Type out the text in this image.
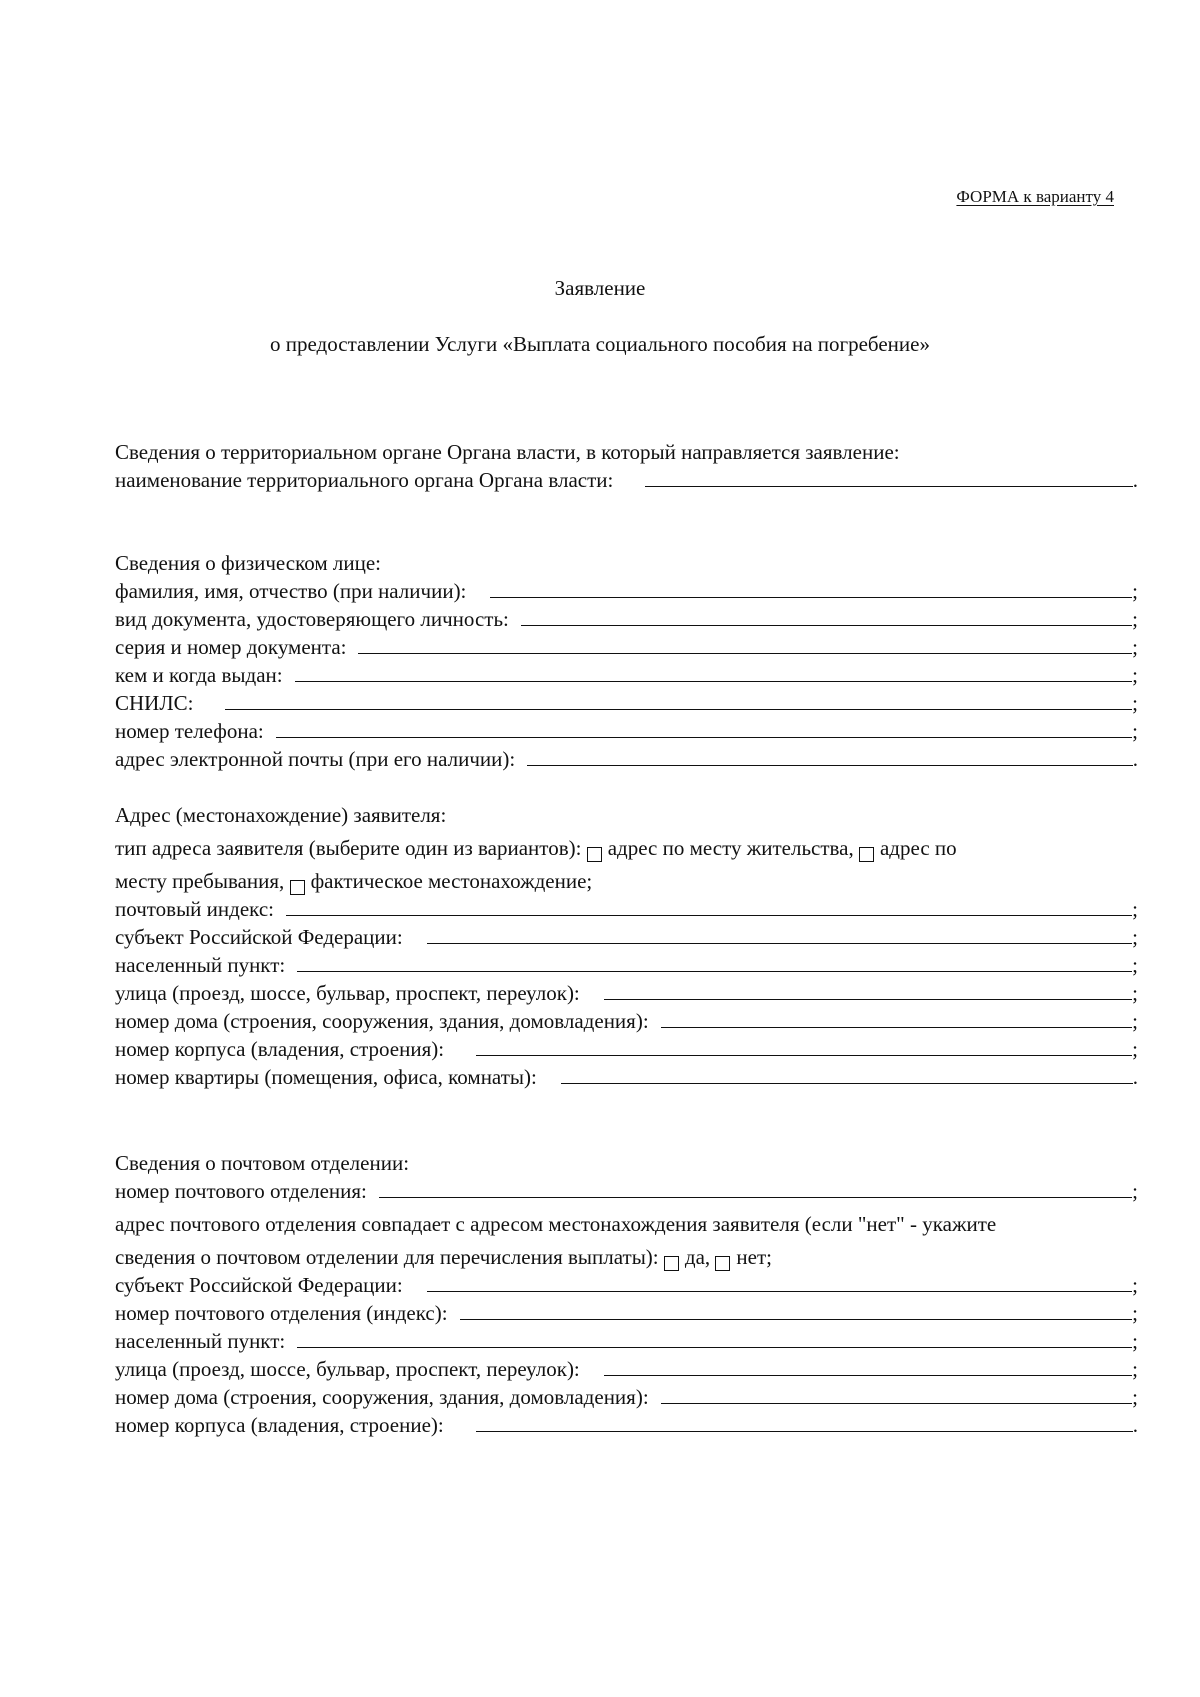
ФОРМА к варианту 4
Заявление
о предоставлении Услуги «Выплата социального пособия на погребение»
Сведения о территориальном органе Органа власти, в который направляется заявление:
наименование территориального органа Органа власти:	.
Сведения о физическом лице:
фамилия, имя, отчество (при наличии):	;
вид документа, удостоверяющего личность:	;
серия и номер документа:	;
кем и когда выдан:	;
СНИЛС:	;
номер телефона:	;
адрес электронной почты (при его наличии):	.
Адрес (местонахождение) заявителя:
тип адреса заявителя (выберите один из вариантов):
адрес по месту жительства,
адрес по
месту пребывания,
фактическое местонахождение;
почтовый индекс:	;
субъект Российской Федерации:	;
населенный пункт:	;
улица (проезд, шоссе, бульвар, проспект, переулок):	;
номер дома (строения, сооружения, здания, домовладения):	;
номер корпуса (владения, строения):	;
номер квартиры (помещения, офиса, комнаты):	.
Сведения о почтовом отделении:
номер почтового отделения:	;
адрес почтового отделения совпадает с адресом местонахождения заявителя (если "нет" - укажите
сведения о почтовом отделении для перечисления выплаты):
да,
нет;
субъект Российской Федерации:	;
номер почтового отделения (индекс):	;
населенный пункт:	;
улица (проезд, шоссе, бульвар, проспект, переулок):	;
номер дома (строения, сооружения, здания, домовладения):	;
номер корпуса (владения, строение):	.
